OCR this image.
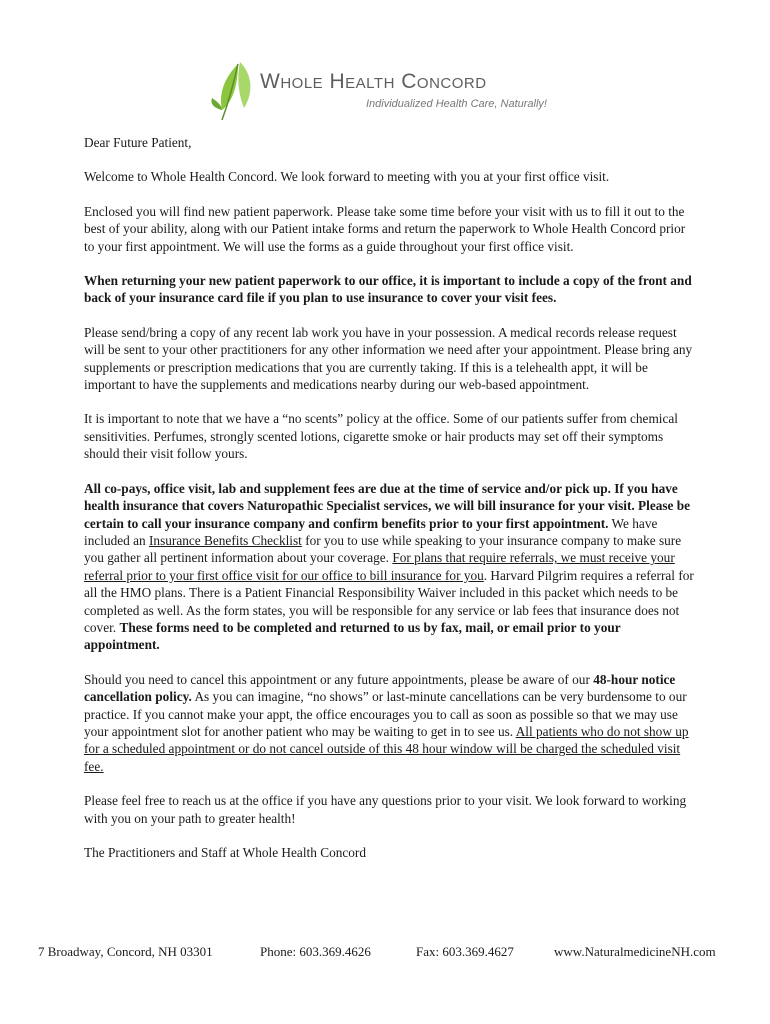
Whole Health Concord
Individualized Health Care, Naturally!

Dear Future Patient,

Welcome to Whole Health Concord. We look forward to meeting with you at your first office visit.

Enclosed you will find new patient paperwork. Please take some time before your visit with us to fill it out to the best of your ability, along with our Patient intake forms and return the paperwork to Whole Health Concord prior to your first appointment. We will use the forms as a guide throughout your first office visit.

When returning your new patient paperwork to our office, it is important to include a copy of the front and back of your insurance card file if you plan to use insurance to cover your visit fees.

Please send/bring a copy of any recent lab work you have in your possession. A medical records release request will be sent to your other practitioners for any other information we need after your appointment. Please bring any supplements or prescription medications that you are currently taking. If this is a telehealth appt, it will be important to have the supplements and medications nearby during our web-based appointment.

It is important to note that we have a “no scents” policy at the office. Some of our patients suffer from chemical sensitivities. Perfumes, strongly scented lotions, cigarette smoke or hair products may set off their symptoms should their visit follow yours.

All co-pays, office visit, lab and supplement fees are due at the time of service and/or pick up. If you have health insurance that covers Naturopathic Specialist services, we will bill insurance for your visit. Please be certain to call your insurance company and confirm benefits prior to your first appointment. We have included an Insurance Benefits Checklist for you to use while speaking to your insurance company to make sure you gather all pertinent information about your coverage. For plans that require referrals, we must receive your referral prior to your first office visit for our office to bill insurance for you. Harvard Pilgrim requires a referral for all the HMO plans. There is a Patient Financial Responsibility Waiver included in this packet which needs to be completed as well. As the form states, you will be responsible for any service or lab fees that insurance does not cover. These forms need to be completed and returned to us by fax, mail, or email prior to your appointment.

Should you need to cancel this appointment or any future appointments, please be aware of our 48-hour notice cancellation policy. As you can imagine, “no shows” or last-minute cancellations can be very burdensome to our practice. If you cannot make your appt, the office encourages you to call as soon as possible so that we may use your appointment slot for another patient who may be waiting to get in to see us. All patients who do not show up for a scheduled appointment or do not cancel outside of this 48 hour window will be charged the scheduled visit fee.

Please feel free to reach us at the office if you have any questions prior to your visit. We look forward to working with you on your path to greater health!

The Practitioners and Staff at Whole Health Concord

7 Broadway, Concord, NH 03301	Phone: 603.369.4626	Fax: 603.369.4627	www.NaturalmedicineNH.com
